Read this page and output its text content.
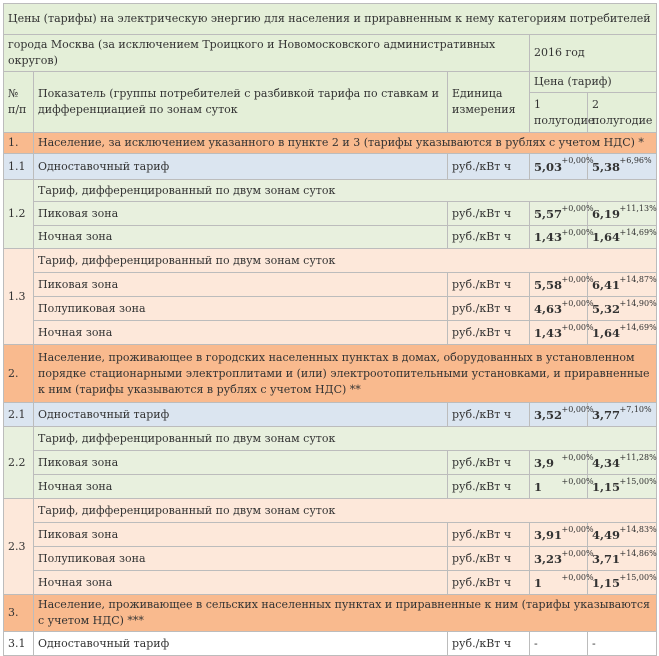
Цены (тарифы) на электрическую энергию для населения и приравненным к нему категориям потребителей						
города Москва (за исключением Троицкого и Новомосковского административных округов)			2016 год			
№ п/п	Показатель (группы потребителей с разбивкой тарифа по ставкам и дифференциацией по зонам суток	Единица измерения	Цена (тариф)			
			1 полугодие		2 полугодие	
1.	Население, за исключением указанного в пункте 2 и 3 (тарифы указываются в рублях с учетом НДС) *					
1.1	Одноставочный тариф	руб./кВт ч	5,03	+0,00%	5,38	+6,96%
1.2	Тариф, дифференцированный по двум зонам суток					
	Пиковая зона	руб./кВт ч	5,57	+0,00%	6,19	+11,13%
	Ночная зона	руб./кВт ч	1,43	+0,00%	1,64	+14,69%
1.3	Тариф, дифференцированный по двум зонам суток					
	Пиковая зона	руб./кВт ч	5,58	+0,00%	6,41	+14,87%
	Полупиковая зона	руб./кВт ч	4,63	+0,00%	5,32	+14,90%
	Ночная зона	руб./кВт ч	1,43	+0,00%	1,64	+14,69%
2.	Население, проживающее в городских населенных пунктах в домах, оборудованных в установленном порядке стационарными электроплитами и (или) электроотопительными установками, и приравненные к ним (тарифы указываются в рублях с учетом НДС) **					
2.1	Одноставочный тариф	руб./кВт ч	3,52	+0,00%	3,77	+7,10%
2.2	Тариф, дифференцированный по двум зонам суток					
	Пиковая зона	руб./кВт ч	3,9	+0,00%	4,34	+11,28%
	Ночная зона	руб./кВт ч	1	+0,00%	1,15	+15,00%
2.3	Тариф, дифференцированный по двум зонам суток					
	Пиковая зона	руб./кВт ч	3,91	+0,00%	4,49	+14,83%
	Полупиковая зона	руб./кВт ч	3,23	+0,00%	3,71	+14,86%
	Ночная зона	руб./кВт ч	1	+0,00%	1,15	+15,00%
3.	Население, проживающее в сельских населенных пунктах и приравненные к ним (тарифы указываются с учетом НДС) ***					
3.1	Одноставочный тариф	руб./кВт ч	-		-	
